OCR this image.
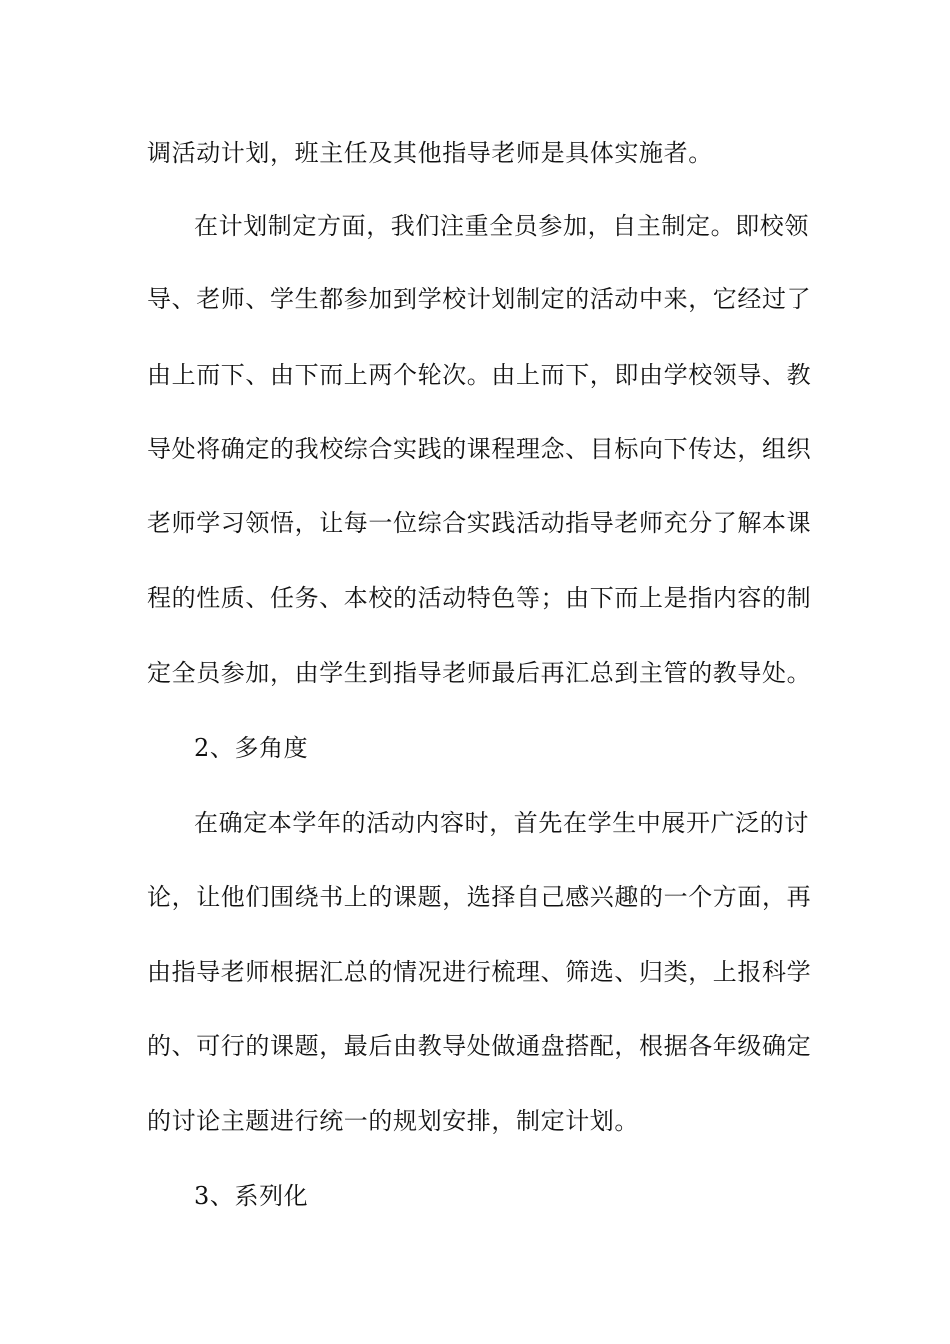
调活动计划，班主任及其他指导老师是具体实施者。
在计划制定方面，我们注重全员参加，自主制定。即校领
导、老师、学生都参加到学校计划制定的活动中来，它经过了
由上而下、由下而上两个轮次。由上而下，即由学校领导、教
导处将确定的我校综合实践的课程理念、目标向下传达，组织
老师学习领悟，让每一位综合实践活动指导老师充分了解本课
程的性质、任务、本校的活动特色等；由下而上是指内容的制
定全员参加，由学生到指导老师最后再汇总到主管的教导处。
2、多角度
在确定本学年的活动内容时，首先在学生中展开广泛的讨
论，让他们围绕书上的课题，选择自己感兴趣的一个方面，再
由指导老师根据汇总的情况进行梳理、筛选、归类，上报科学
的、可行的课题，最后由教导处做通盘搭配，根据各年级确定
的讨论主题进行统一的规划安排，制定计划。
3、系列化
